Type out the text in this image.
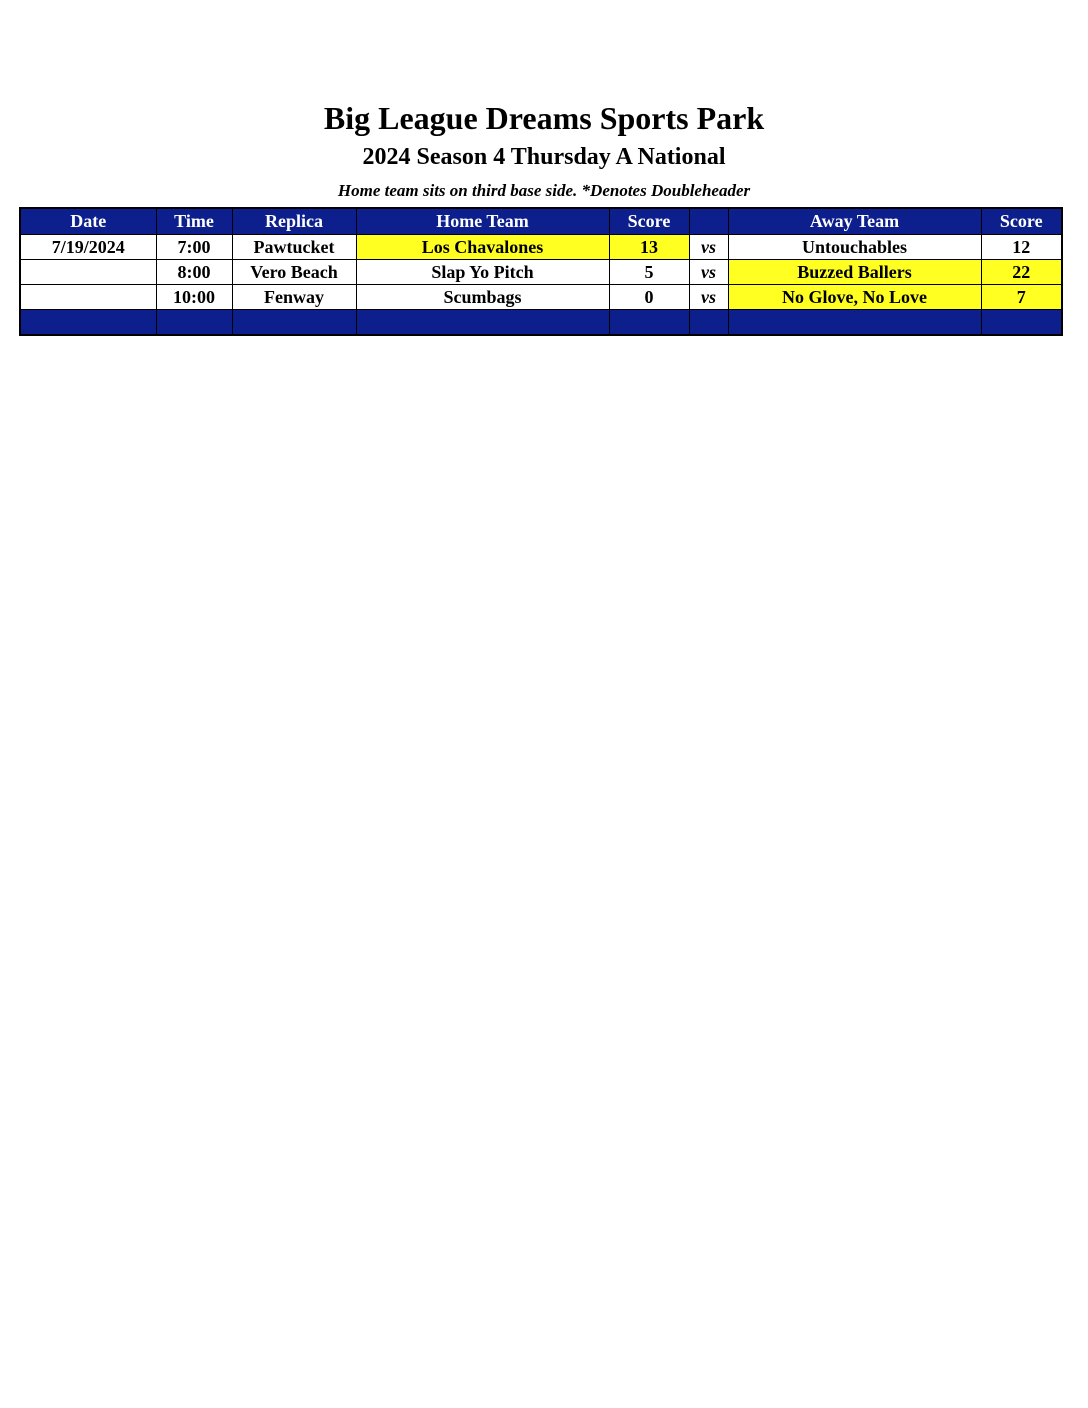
Big League Dreams Sports Park
2024 Season 4 Thursday A National
Home team sits on third base side. *Denotes Doubleheader
Date	Time	Replica	Home Team	Score		Away Team	Score
7/19/2024	7:00	Pawtucket	Los Chavalones	13	vs	Untouchables	12
	8:00	Vero Beach	Slap Yo Pitch	5	vs	Buzzed Ballers	22
	10:00	Fenway	Scumbags	0	vs	No Glove, No Love	7
